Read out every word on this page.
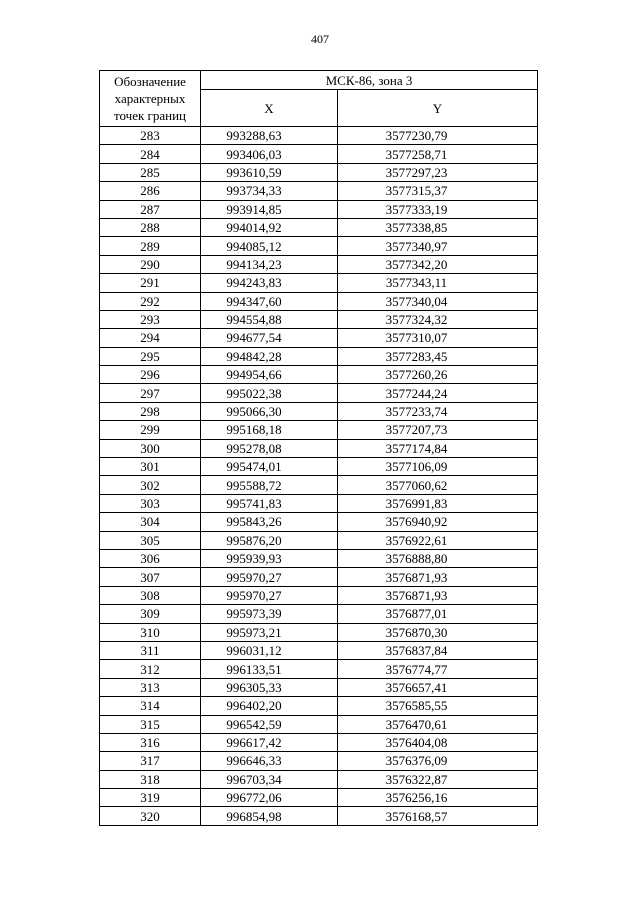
407
Обозначение характерных точек границ	МСК-86, зона 3	
	X	Y
283	993288,63	3577230,79
284	993406,03	3577258,71
285	993610,59	3577297,23
286	993734,33	3577315,37
287	993914,85	3577333,19
288	994014,92	3577338,85
289	994085,12	3577340,97
290	994134,23	3577342,20
291	994243,83	3577343,11
292	994347,60	3577340,04
293	994554,88	3577324,32
294	994677,54	3577310,07
295	994842,28	3577283,45
296	994954,66	3577260,26
297	995022,38	3577244,24
298	995066,30	3577233,74
299	995168,18	3577207,73
300	995278,08	3577174,84
301	995474,01	3577106,09
302	995588,72	3577060,62
303	995741,83	3576991,83
304	995843,26	3576940,92
305	995876,20	3576922,61
306	995939,93	3576888,80
307	995970,27	3576871,93
308	995970,27	3576871,93
309	995973,39	3576877,01
310	995973,21	3576870,30
311	996031,12	3576837,84
312	996133,51	3576774,77
313	996305,33	3576657,41
314	996402,20	3576585,55
315	996542,59	3576470,61
316	996617,42	3576404,08
317	996646,33	3576376,09
318	996703,34	3576322,87
319	996772,06	3576256,16
320	996854,98	3576168,57
